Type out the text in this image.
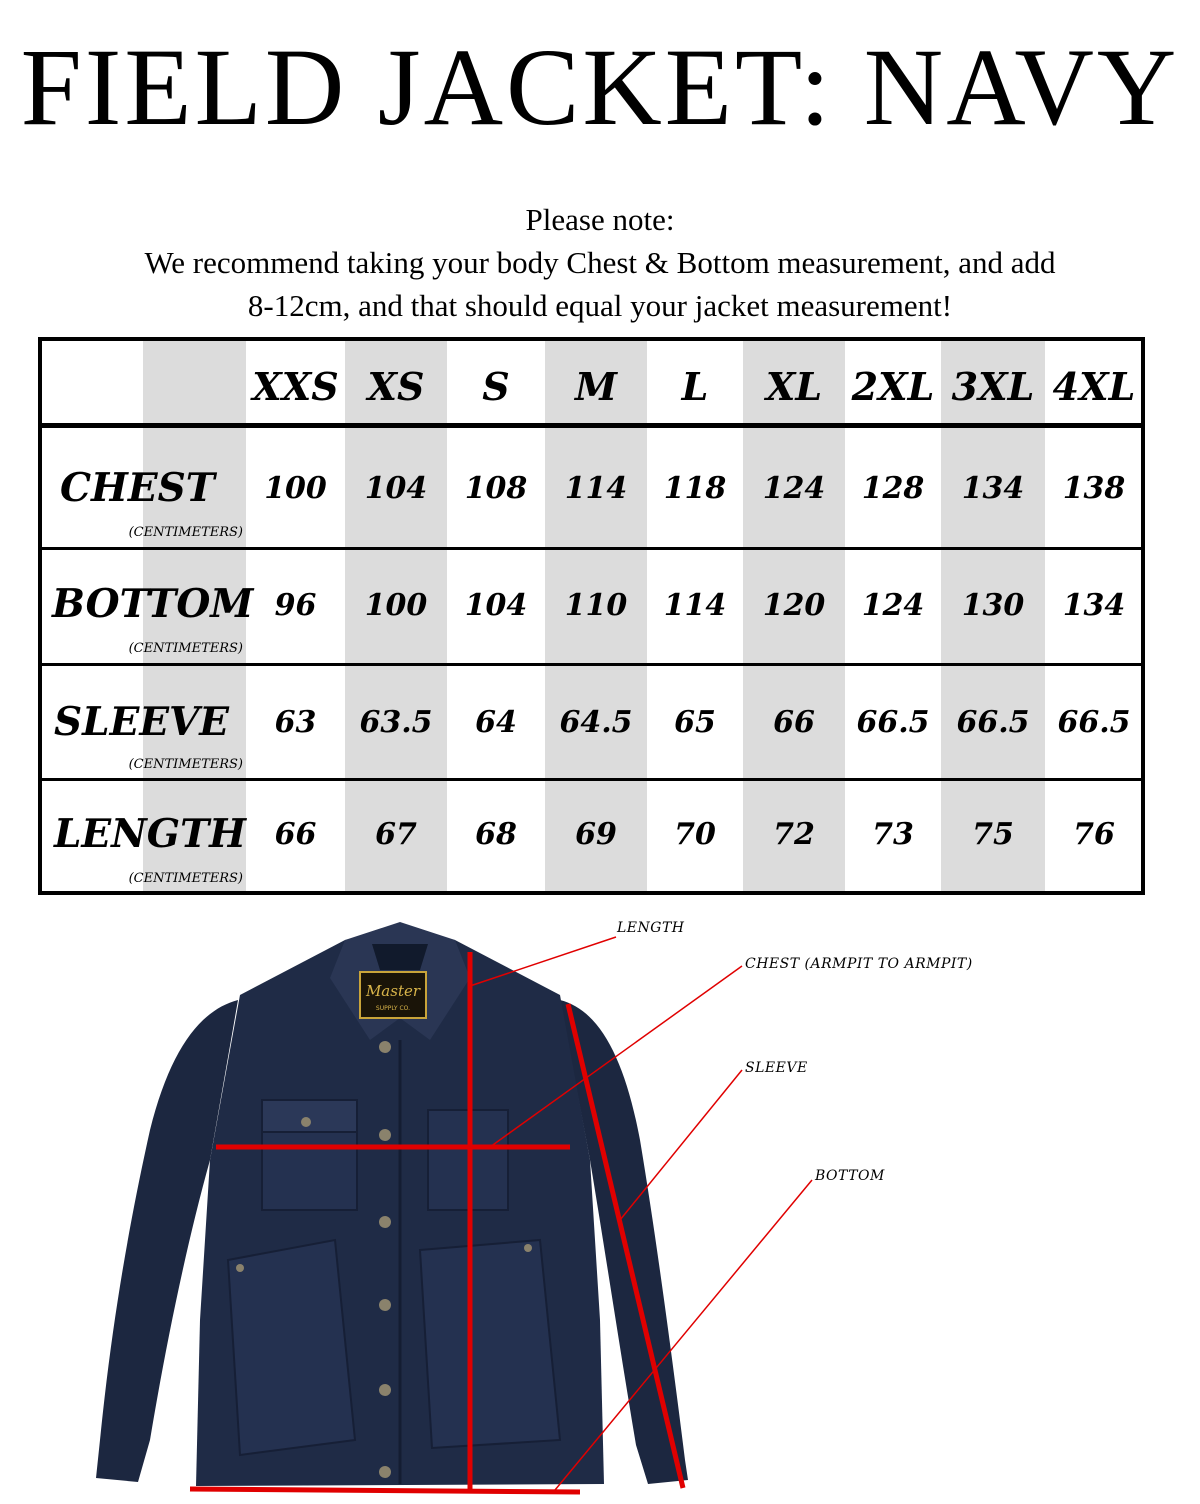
FIELD JACKET: NAVY
Please note:
We recommend taking your body Chest & Bottom measurement, and add
8-12cm, and that should equal your jacket measurement!
XXS XS	S	M	L	XL 2XL 3XL 4XL
CHEST
(CENTIMETERS)
100	104	108	114	118	124	128	134	138
BOTTOM
(CENTIMETERS)
96	100	104	110	114	120	124	130	134
SLEEVE
(CENTIMETERS)
63	63.5	64	64.5	65	66	66.5 66.5 66.5
LENGTH
(CENTIMETERS)
66	67	68	69	70	72	73	75	76
Master
SUPPLY CO.
LENGTH
CHEST (ARMPIT TO ARMPIT)
SLEEVE
BOTTOM
